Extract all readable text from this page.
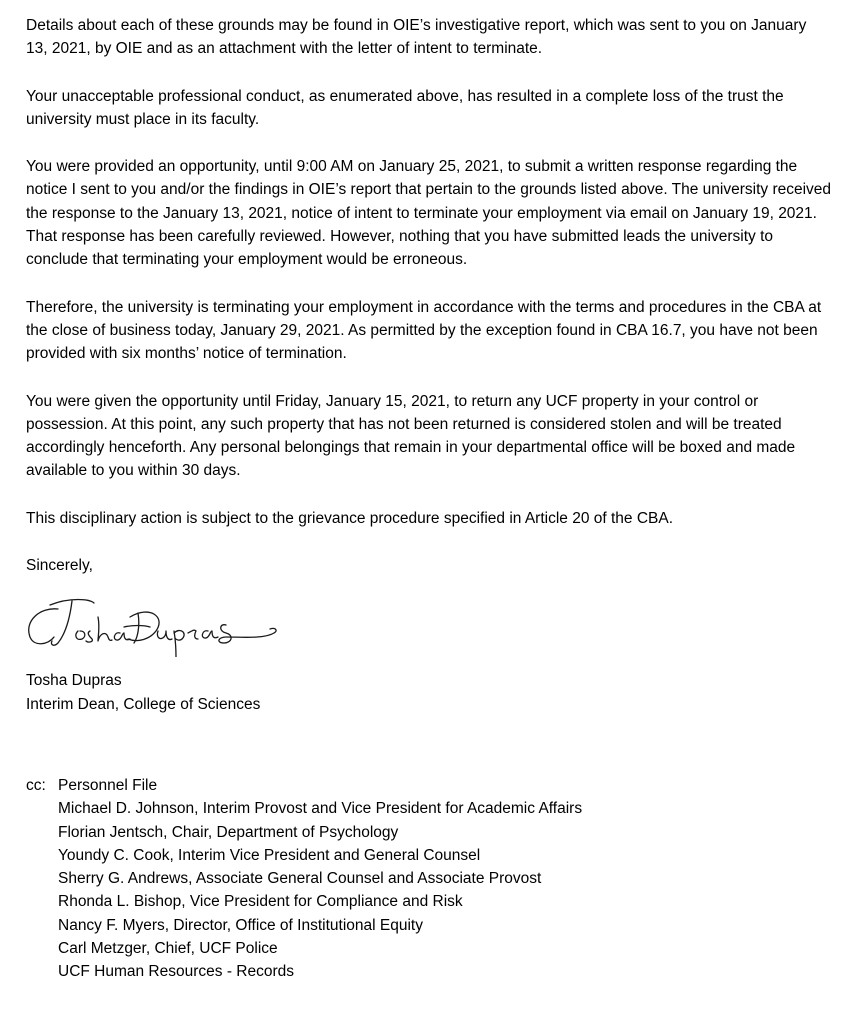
Details about each of these grounds may be found in OIE’s investigative report, which was sent to you on January 13, 2021, by OIE and as an attachment with the letter of intent to terminate.

Your unacceptable professional conduct, as enumerated above, has resulted in a complete loss of the trust the university must place in its faculty.

You were provided an opportunity, until 9:00 AM on January 25, 2021, to submit a written response regarding the notice I sent to you and/or the findings in OIE’s report that pertain to the grounds listed above. The university received the response to the January 13, 2021, notice of intent to terminate your employment via email on January 19, 2021. That response has been carefully reviewed. However, nothing that you have submitted leads the university to conclude that terminating your employment would be erroneous.

Therefore, the university is terminating your employment in accordance with the terms and procedures in the CBA at the close of business today, January 29, 2021. As permitted by the exception found in CBA 16.7, you have not been provided with six months’ notice of termination.

You were given the opportunity until Friday, January 15, 2021, to return any UCF property in your control or possession. At this point, any such property that has not been returned is considered stolen and will be treated accordingly henceforth. Any personal belongings that remain in your departmental office will be boxed and made available to you within 30 days.

This disciplinary action is subject to the grievance procedure specified in Article 20 of the CBA.

Sincerely,

Tosha Dupras

Interim Dean, College of Sciences

cc: Personnel File
Michael D. Johnson, Interim Provost and Vice President for Academic Affairs
Florian Jentsch, Chair, Department of Psychology
Youndy C. Cook, Interim Vice President and General Counsel
Sherry G. Andrews, Associate General Counsel and Associate Provost
Rhonda L. Bishop, Vice President for Compliance and Risk
Nancy F. Myers, Director, Office of Institutional Equity
Carl Metzger, Chief, UCF Police
UCF Human Resources - Records
